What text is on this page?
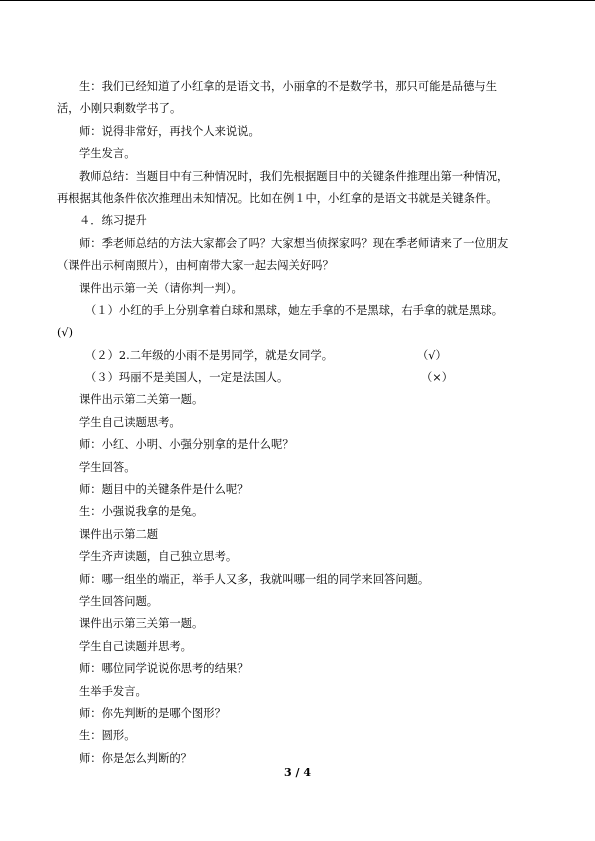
生：我们已经知道了小红拿的是语文书，小丽拿的不是数学书，那只可能是品德与生
活，小刚只剩数学书了。
师：说得非常好，再找个人来说说。
学生发言。
教师总结：当题目中有三种情况时，我们先根据题目中的关键条件推理出第一种情况，
再根据其他条件依次推理出未知情况。比如在例１中，小红拿的是语文书就是关键条件。
４．练习提升
师：季老师总结的方法大家都会了吗？大家想当侦探家吗？现在季老师请来了一位朋友
（课件出示柯南照片），由柯南带大家一起去闯关好吗？
课件出示第一关（请你判一判）。
（１）小红的手上分别拿着白球和黑球，她左手拿的不是黑球，右手拿的就是黑球。
(√)
（２）2.二年级的小雨不是男同学，就是女同学。	（√）
（３）玛丽不是美国人，一定是法国人。	（×）
课件出示第二关第一题。
学生自己读题思考。
师：小红、小明、小强分别拿的是什么呢？
学生回答。
师：题目中的关键条件是什么呢？
生：小强说我拿的是兔。
课件出示第二题
学生齐声读题，自己独立思考。
师：哪一组坐的端正，举手人又多，我就叫哪一组的同学来回答问题。
学生回答问题。
课件出示第三关第一题。
学生自己读题并思考。
师：哪位同学说说你思考的结果？
生举手发言。
师：你先判断的是哪个图形？
生：圆形。
师：你是怎么判断的？
3 / 4
